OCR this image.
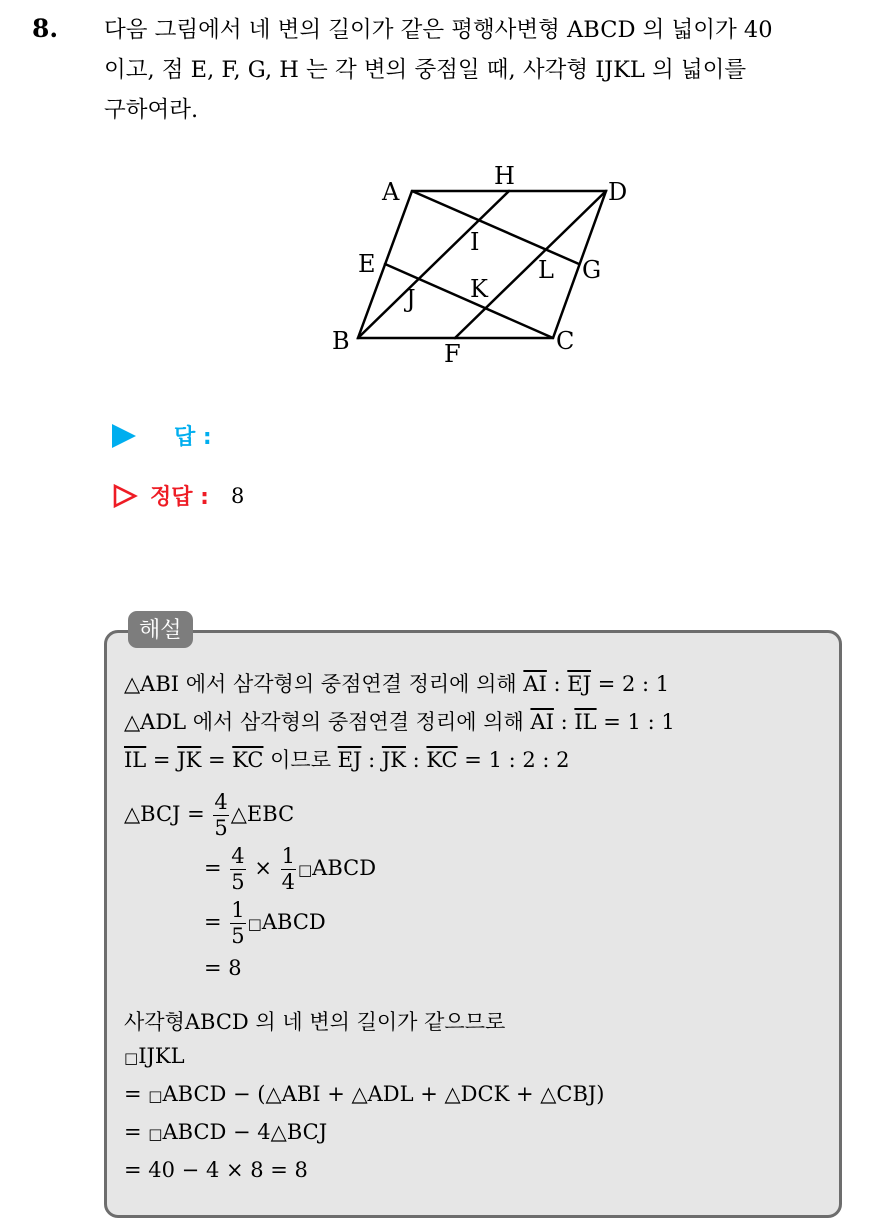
8. 다음 그림에서 네 변의 길이가 같은 평행사변형 ABCD 의 넓이가 40
이고, 점 E, F, G, H 는 각 변의 중점일 때, 사각형 IJKL 의 넓이를
구하여라.
A
H
D
E
I
L G
J K
B	F	C
답 :
정답 : 8
해설
△ABI 에서 삼각형의 중점연결 정리에 의해 $\overline{AI}$ : $\overline{EJ} = 2$ : 1
△ADL 에서 삼각형의 중점연결 정리에 의해 $\overline{AI}$ : $\overline{IL} = 1$ : 1
$\overline{IL} = \overline{JK} = \overline{KC}$ 이므로 $\overline{EJ}$ : $\overline{JK}$ : $\overline{KC} = 1$ : 2 : 2
△BCJ = $\frac{4}{5}$ △EBC
= $\frac{4}{5} \times \frac{1}{4}$ □ABCD
= $\frac{1}{5}$ □ABCD
= 8
사각형ABCD 의 네 변의 길이가 같으므로
□IJKL
= □ABCD − (△ABI + △ADL + △DCK + △CBJ)
= □ABCD − 4△BCJ
= 40 − 4 × 8 = 8
